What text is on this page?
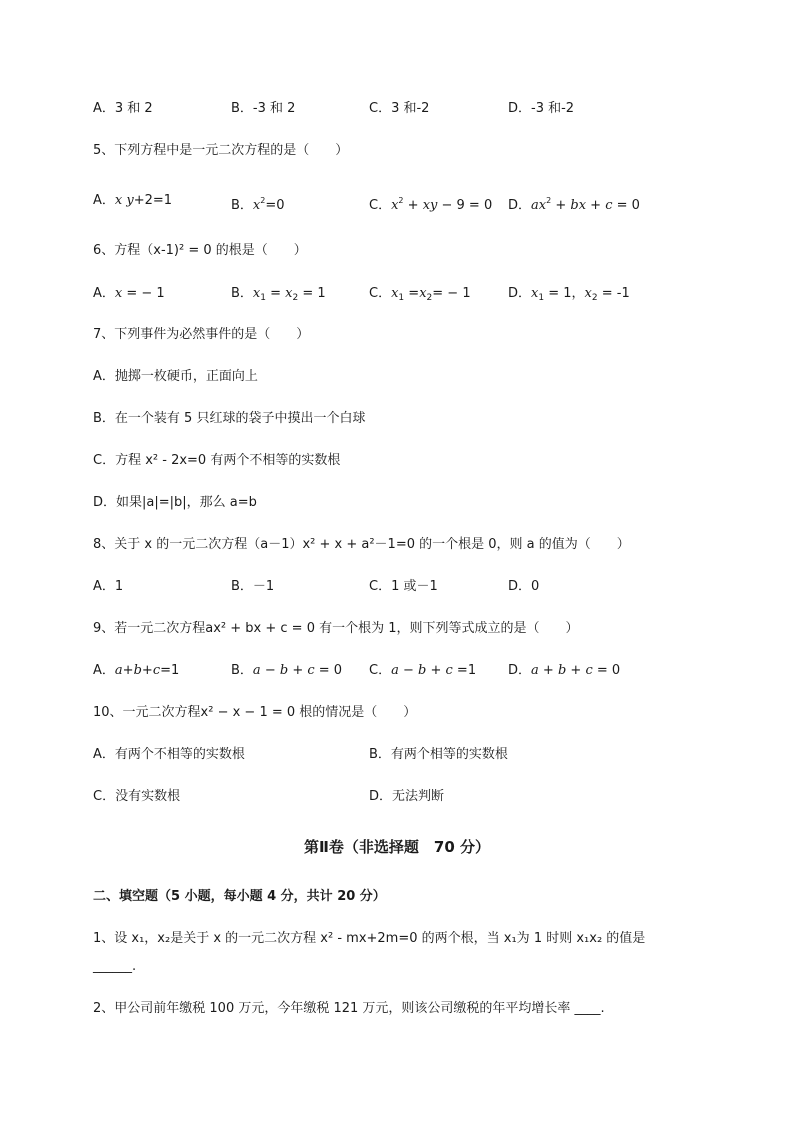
A．3 和 2	B．-3 和 2	C．3 和-2	D．-3 和-2
5、下列方程中是一元二次方程的是（　　）
A．x y+2=1	B．$x^2=0$	C．$x^2$ + xy − 9 = 0 D．$ax^2$ + bx + c = 0
6、方程（x-1)² = 0 的根是（　　）
A．x = − 1	B．$x_1 = x_2 = 1$	C．$x_1 =x_2= - 1$	D．$x_1 = 1$，$x_2 = -1$
7、下列事件为必然事件的是（　　）
A．抛掷一枚硬币，正面向上
B．在一个装有 5 只红球的袋子中摸出一个白球
C．方程 x² - 2x=0 有两个不相等的实数根
D．如果|a|=|b|，那么 a=b
8、关于 x 的一元二次方程（a－1）x² + x + a²－1=0 的一个根是 0，则 a 的值为（　　）
A．1	B．－1	C．1 或－1	D．0
9、若一元二次方程ax² + bx + c = 0 有一个根为 1，则下列等式成立的是（　　）
A．a+b+c=1	B．a − b + c = 0 C．a − b + c =1 D．a + b + c = 0
10、一元二次方程x² − x − 1 = 0 根的情况是（　　）
A．有两个不相等的实数根	B．有两个相等的实数根
C．没有实数根	D．无法判断
第Ⅱ卷（非选择题　70 分）
二、填空题（5 小题，每小题 4 分，共计 20 分）
1、设 x₁，x₂是关于 x 的一元二次方程 x² - mx+2m=0 的两个根，当 x₁为 1 时则 x₁x₂ 的值是
______.
2、甲公司前年缴税 100 万元，今年缴税 121 万元，则该公司缴税的年平均增长率 ____.
